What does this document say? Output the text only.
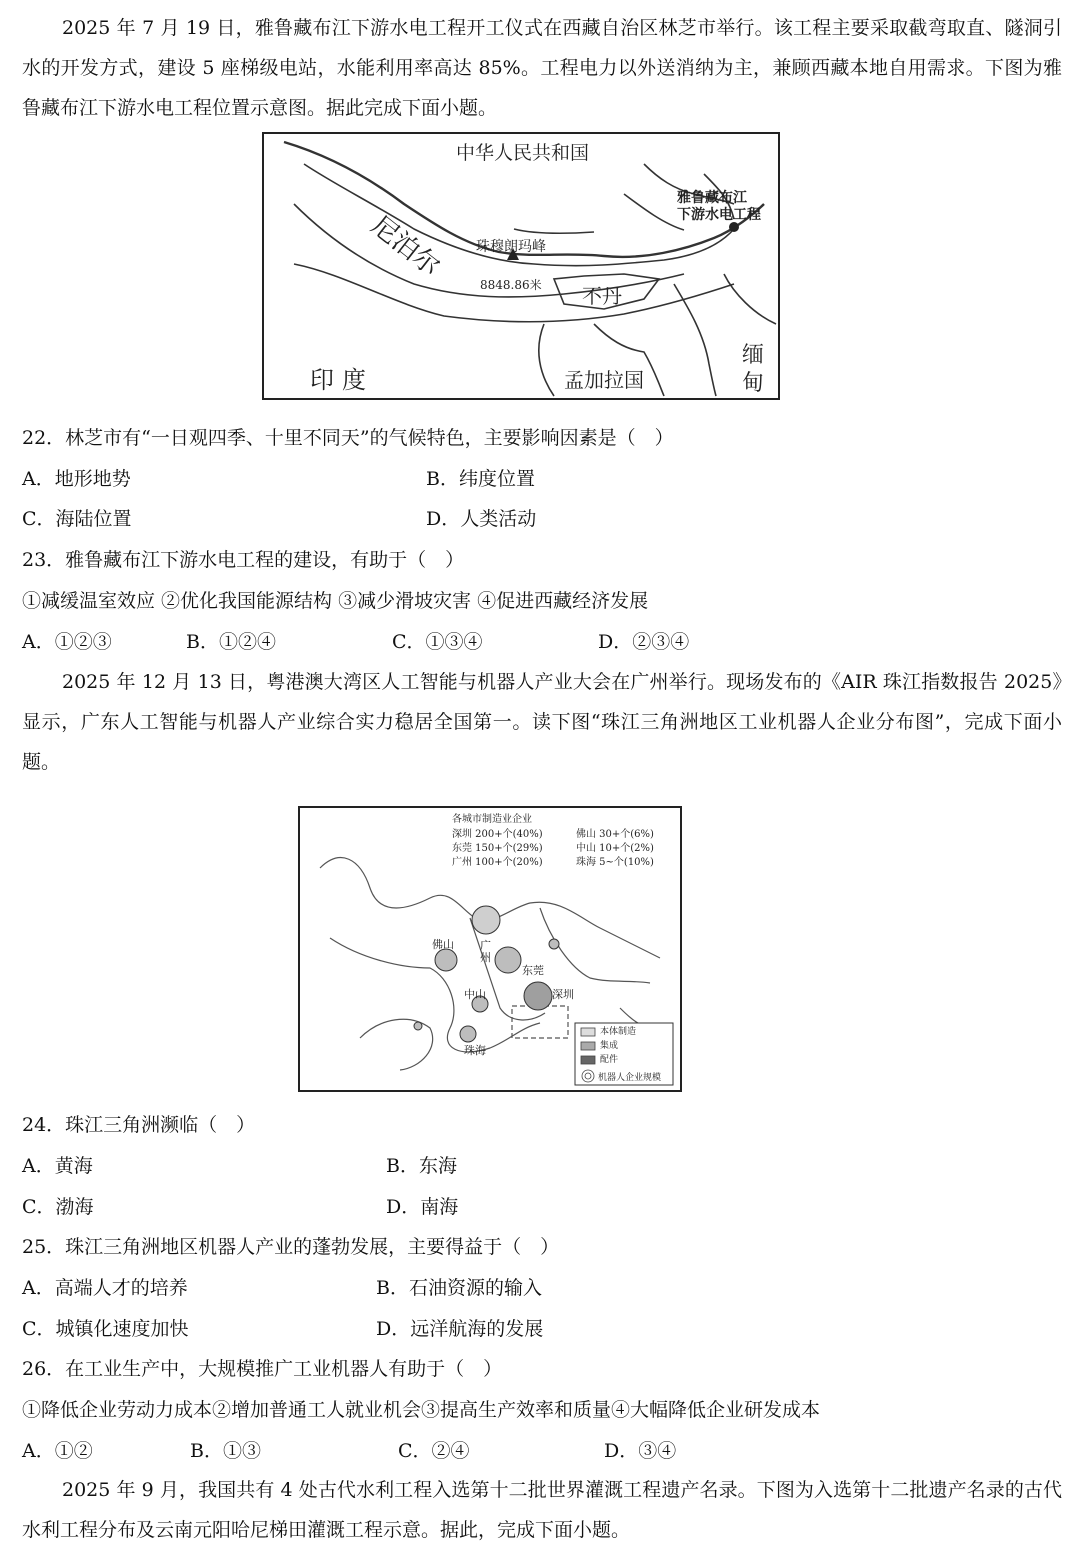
2025 年 7 月 19 日，雅鲁藏布江下游水电工程开工仪式在西藏自治区林芝市举行。该工程主要采取截弯取直、隧洞引水的开发方式，建设 5 座梯级电站，水能利用率高达 85%。工程电力以外送消纳为主，兼顾西藏本地自用需求。下图为雅鲁藏布江下游水电工程位置示意图。据此完成下面小题。
中华人民共和国
雅鲁藏布江
下游水电工程
尼泊尔 珠穆朗玛峰
8848.86米 不丹
印度	孟加拉国
缅
甸
22．林芝市有“一日观四季、十里不同天”的气候特色，主要影响因素是（　）
A．地形地势	B．纬度位置
C．海陆位置	D．人类活动
23．雅鲁藏布江下游水电工程的建设，有助于（　）
①减缓温室效应 ②优化我国能源结构 ③减少滑坡灾害 ④促进西藏经济发展
A．①②③	B．①②④	C．①③④	D．②③④
2025 年 12 月 13 日，粤港澳大湾区人工智能与机器人产业大会在广州举行。现场发布的《AIR 珠江指数报告 2025》显示，广东人工智能与机器人产业综合实力稳居全国第一。读下图“珠江三角洲地区工业机器人企业分布图”，完成下面小题。
各城市制造业企业
深圳 200+个(40%)	佛山 30+个(6%)
东莞 150+个(29%)	中山 10+个(2%)
广州 100+个(20%)	珠海 5~个(10%)
佛山 广州
东莞
中山	深圳
珠海
本体制造
集成
配件
机器人企业规模
24．珠江三角洲濒临（　）
A．黄海	B．东海
C．渤海	D．南海
25．珠江三角洲地区机器人产业的蓬勃发展，主要得益于（　）
A．高端人才的培养	B．石油资源的输入
C．城镇化速度加快	D．远洋航海的发展
26．在工业生产中，大规模推广工业机器人有助于（　）
①降低企业劳动力成本②增加普通工人就业机会③提高生产效率和质量④大幅降低企业研发成本
A．①②	B．①③	C．②④	D．③④
2025 年 9 月，我国共有 4 处古代水利工程入选第十二批世界灌溉工程遗产名录。下图为入选第十二批遗产名录的古代水利工程分布及云南元阳哈尼梯田灌溉工程示意。据此，完成下面小题。
